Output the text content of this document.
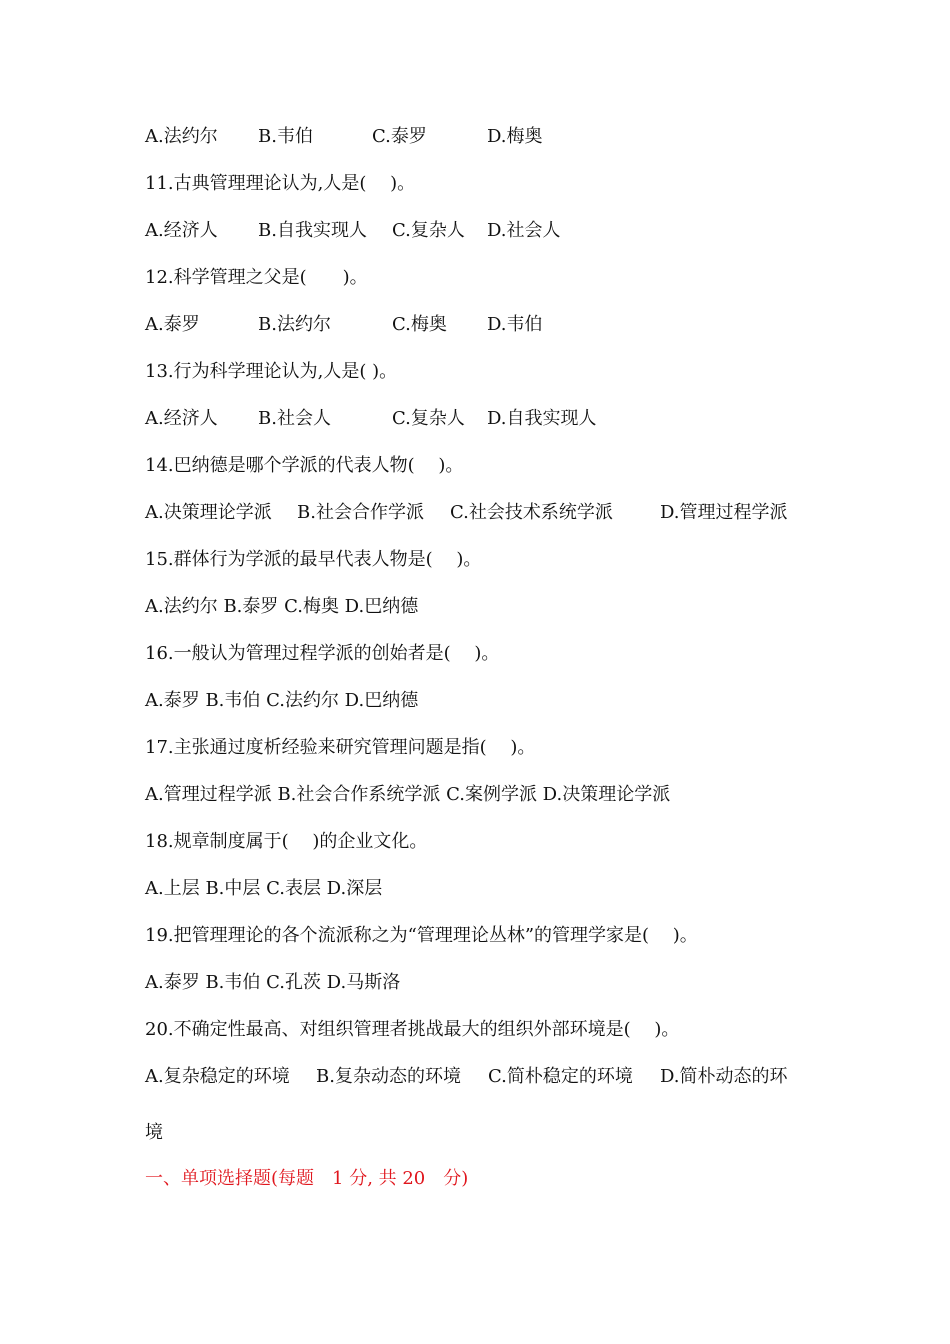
A.法约尔

B.韦伯

	C.泰罗

	D.梅奥

11.古典管理理论认为,人是(　 )。

A.经济人

B.自我实现人

C.复杂人

D.社会人

12.科学管理之父是(　　)。

A.泰罗

	B.法约尔

	C.梅奥

D.韦伯

13.行为科学理论认为,人是( )。

A.经济人

B.社会人

	C.复杂人

D.自我实现人

14.巴纳德是哪个学派的代表人物(　 )。

A.决策理论学派

B.社会合作学派

C.社会技术系统学派

	D.管理过程学派

15.群体行为学派的最早代表人物是(　 )。
A.法约尔 B.泰罗 C.梅奥 D.巴纳德
16.一般认为管理过程学派的创始者是(　 )。
A.泰罗 B.韦伯 C.法约尔 D.巴纳德
17.主张通过度析经验来研究管理问题是指(　 )。
A.管理过程学派 B.社会合作系统学派 C.案例学派 D.决策理论学派
18.规章制度属于(　 )的企业文化。
A.上层 B.中层 C.表层 D.深层
19.把管理理论的各个流派称之为“管理理论丛林”的管理学家是(　 )。
A.泰罗 B.韦伯 C.孔茨 D.马斯洛
20.不确定性最高、对组织管理者挑战最大的组织外部环境是(　 )。

A.复杂稳定的环境

B.复杂动态的环境

C.简朴稳定的环境

D.简朴动态的环

境
一、单项选择题(每题　1 分, 共 20　分)
